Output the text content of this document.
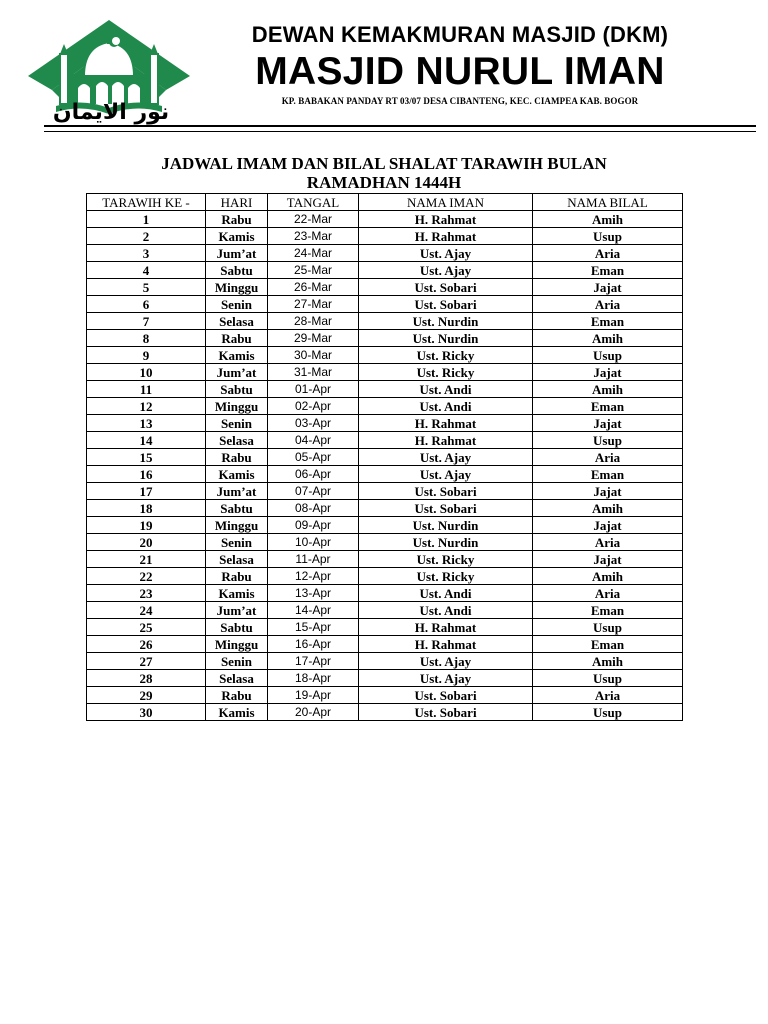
نور الايمان
DEWAN KEMAKMURAN MASJID (DKM)
MASJID NURUL IMAN
KP. BABAKAN PANDAY RT 03/07 DESA CIBANTENG, KEC. CIAMPEA KAB. BOGOR
JADWAL IMAM DAN BILAL SHALAT TARAWIH BULAN
RAMADHAN 1444H
TARAWIH KE -	HARI	TANGAL	NAMA IMAN	NAMA BILAL
1	Rabu	22-Mar	H. Rahmat	Amih
2	Kamis	23-Mar	H. Rahmat	Usup
3	Jum’at	24-Mar	Ust. Ajay	Aria
4	Sabtu	25-Mar	Ust. Ajay	Eman
5	Minggu	26-Mar	Ust. Sobari	Jajat
6	Senin	27-Mar	Ust. Sobari	Aria
7	Selasa	28-Mar	Ust. Nurdin	Eman
8	Rabu	29-Mar	Ust. Nurdin	Amih
9	Kamis	30-Mar	Ust. Ricky	Usup
10	Jum’at	31-Mar	Ust. Ricky	Jajat
11	Sabtu	01-Apr	Ust. Andi	Amih
12	Minggu	02-Apr	Ust. Andi	Eman
13	Senin	03-Apr	H. Rahmat	Jajat
14	Selasa	04-Apr	H. Rahmat	Usup
15	Rabu	05-Apr	Ust. Ajay	Aria
16	Kamis	06-Apr	Ust. Ajay	Eman
17	Jum’at	07-Apr	Ust. Sobari	Jajat
18	Sabtu	08-Apr	Ust. Sobari	Amih
19	Minggu	09-Apr	Ust. Nurdin	Jajat
20	Senin	10-Apr	Ust. Nurdin	Aria
21	Selasa	11-Apr	Ust. Ricky	Jajat
22	Rabu	12-Apr	Ust. Ricky	Amih
23	Kamis	13-Apr	Ust. Andi	Aria
24	Jum’at	14-Apr	Ust. Andi	Eman
25	Sabtu	15-Apr	H. Rahmat	Usup
26	Minggu	16-Apr	H. Rahmat	Eman
27	Senin	17-Apr	Ust. Ajay	Amih
28	Selasa	18-Apr	Ust. Ajay	Usup
29	Rabu	19-Apr	Ust. Sobari	Aria
30	Kamis	20-Apr	Ust. Sobari	Usup
